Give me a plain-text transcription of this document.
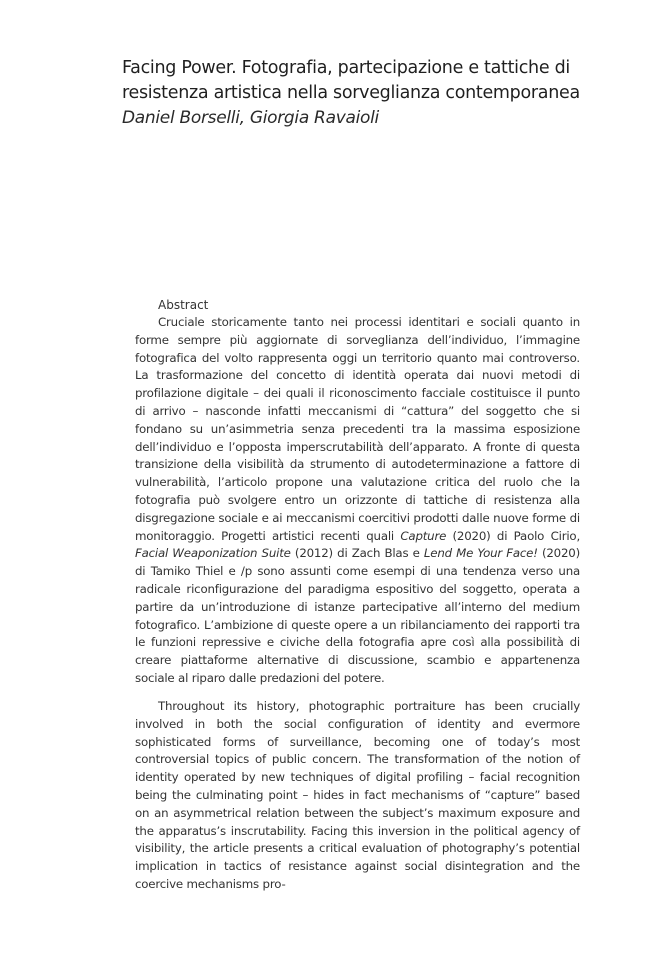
Facing Power. Fotografia, partecipazione e tattiche di
resistenza artistica nella sorveglianza contemporanea

Daniel Borselli, Giorgia Ravaioli

Abstract

Cruciale storicamente tanto nei processi identitari e sociali quanto in forme sempre più aggiornate di sorveglianza dell’individuo, l’immagine fotografica del volto rappresenta oggi un territorio quanto mai controverso. La trasformazione del concetto di identità operata dai nuovi metodi di profilazione digitale – dei quali il riconoscimento facciale costituisce il punto di arrivo – nasconde infatti meccanismi di “cattura” del soggetto che si fondano su un’asimmetria senza precedenti tra la massima esposizione dell’individuo e l’opposta imperscrutabilità dell’apparato. A fronte di questa transizione della visibilità da strumento di autodeterminazione a fattore di vulnerabilità, l’articolo propone una valutazione critica del ruolo che la fotografia può svolgere entro un orizzonte di tattiche di resistenza alla disgregazione sociale e ai meccanismi coercitivi prodotti dalle nuove forme di monitoraggio. Progetti artistici recenti quali Capture (2020) di Paolo Cirio, Facial Weaponization Suite (2012) di Zach Blas e Lend Me Your Face! (2020) di Tamiko Thiel e /p sono assunti come esempi di una tendenza verso una radicale riconfigurazione del paradigma espositivo del soggetto, operata a partire da un’introduzione di istanze partecipative all’interno del medium fotografico. L’ambizione di queste opere a un ribilanciamento dei rapporti tra le funzioni repressive e civiche della fotografia apre così alla possibilità di creare piattaforme alternative di discussione, scambio e appartenenza sociale al riparo dalle predazioni del potere.

Throughout its history, photographic portraiture has been crucially involved in both the social configuration of identity and evermore sophisticated forms of surveillance, becoming one of today’s most controversial topics of public concern. The transformation of the notion of identity operated by new techniques of digital profiling – facial recognition being the culminating point – hides in fact mechanisms of “capture” based on an asymmetrical relation between the subject’s maximum exposure and the apparatus’s inscrutability. Facing this inversion in the political agency of visibility, the article presents a critical evaluation of photography’s potential implication in tactics of resistance against social disintegration and the coercive mechanisms pro-
